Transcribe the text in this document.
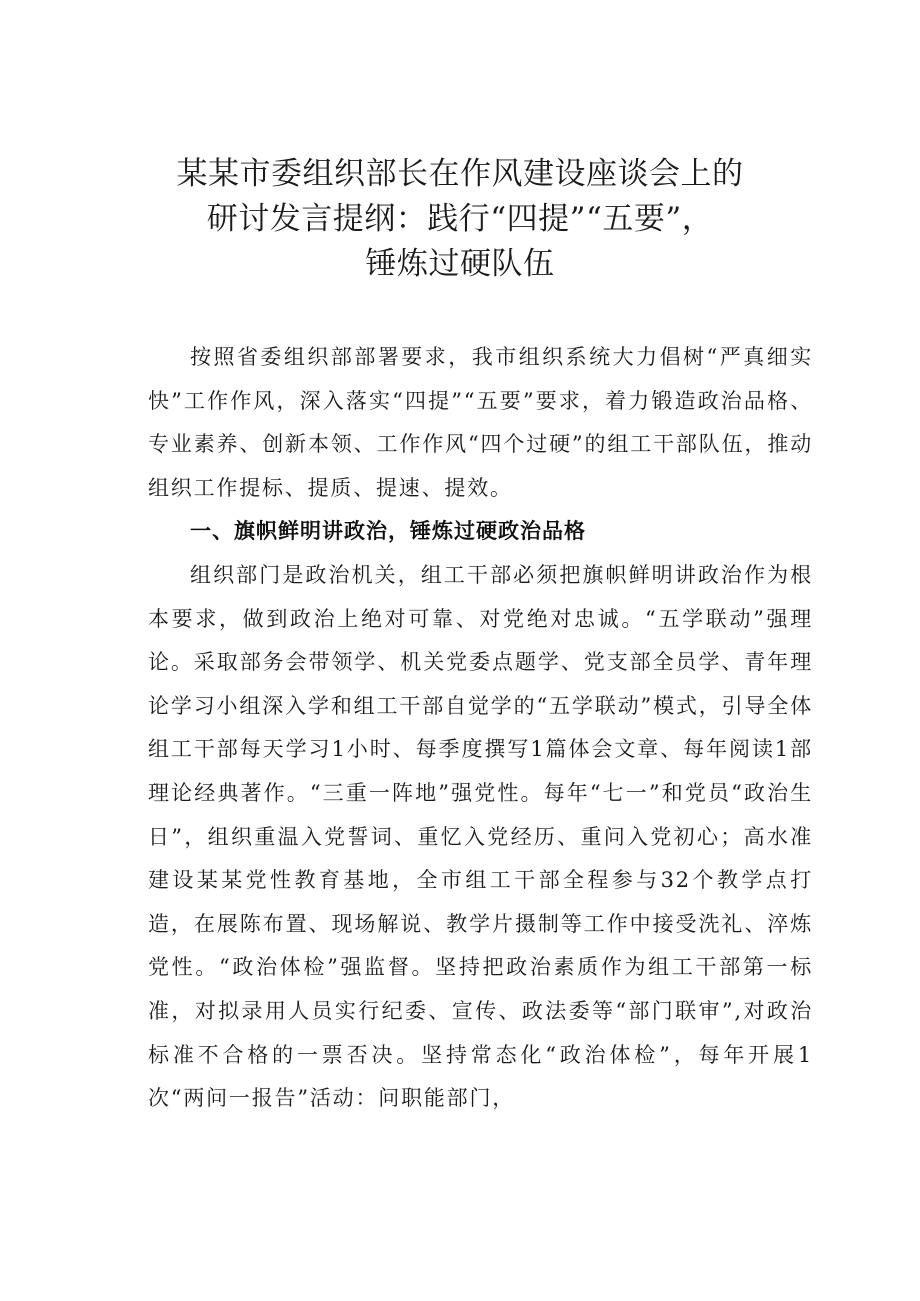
某某市委组织部长在作风建设座谈会上的
研讨发言提纲：践行“四提”“五要”，
锤炼过硬队伍

按照省委组织部部署要求，我市组织系统大力倡树“严真细实快”工作作风，深入落实“四提”“五要”要求，着力锻造政治品格、专业素养、创新本领、工作作风“四个过硬”的组工干部队伍，推动组织工作提标、提质、提速、提效。

一、旗帜鲜明讲政治，锤炼过硬政治品格

组织部门是政治机关，组工干部必须把旗帜鲜明讲政治作为根本要求，做到政治上绝对可靠、对党绝对忠诚。“五学联动”强理论。采取部务会带领学、机关党委点题学、党支部全员学、青年理论学习小组深入学和组工干部自觉学的“五学联动”模式，引导全体组工干部每天学习1小时、每季度撰写1篇体会文章、每年阅读1部理论经典著作。“三重一阵地”强党性。每年“七一”和党员“政治生日”，组织重温入党誓词、重忆入党经历、重问入党初心；高水准建设某某党性教育基地，全市组工干部全程参与32个教学点打造，在展陈布置、现场解说、教学片摄制等工作中接受洗礼、淬炼党性。“政治体检”强监督。坚持把政治素质作为组工干部第一标准，对拟录用人员实行纪委、宣传、政法委等“部门联审”,对政治标准不合格的一票否决。坚持常态化“政治体检”，每年开展1次“两问一报告”活动：问职能部门，
